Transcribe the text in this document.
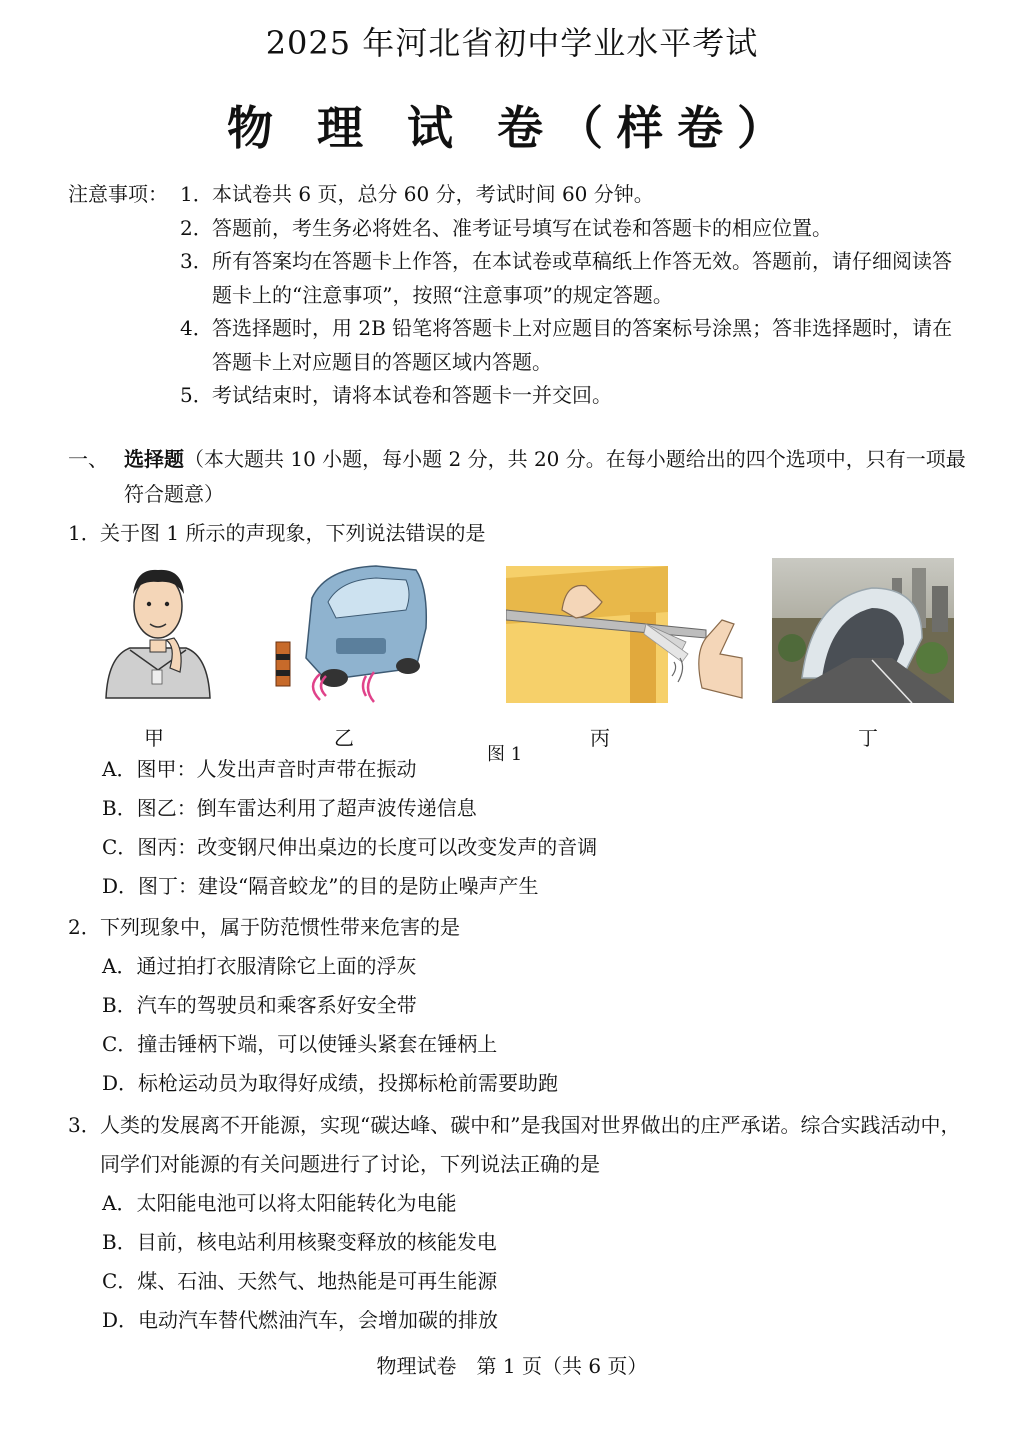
2025 年河北省初中学业水平考试
物 理 试 卷（样卷）
注意事项： 1． 本试卷共 6 页，总分 60 分，考试时间 60 分钟。
2． 答题前，考生务必将姓名、准考证号填写在试卷和答题卡的相应位置。
3． 所有答案均在答题卡上作答，在本试卷或草稿纸上作答无效。答题前，请仔细阅读答题卡上的“注意事项”，按照“注意事项”的规定答题。
4． 答选择题时，用 2B 铅笔将答题卡上对应题目的答案标号涂黑；答非选择题时，请在答题卡上对应题目的答题区域内答题。
5． 考试结束时，请将本试卷和答题卡一并交回。
一、 选择题（本大题共 10 小题，每小题 2 分，共 20 分。在每小题给出的四个选项中，只有一项最符合题意）
1． 关于图 1 所示的声现象，下列说法错误的是
甲	乙	丙	丁
图 1
A．图甲：人发出声音时声带在振动
B．图乙：倒车雷达利用了超声波传递信息
C．图丙：改变钢尺伸出桌边的长度可以改变发声的音调
D．图丁：建设“隔音蛟龙”的目的是防止噪声产生
2． 下列现象中，属于防范惯性带来危害的是
A．通过拍打衣服清除它上面的浮灰
B．汽车的驾驶员和乘客系好安全带
C．撞击锤柄下端，可以使锤头紧套在锤柄上
D．标枪运动员为取得好成绩，投掷标枪前需要助跑
3． 人类的发展离不开能源，实现“碳达峰、碳中和”是我国对世界做出的庄严承诺。综合实践活动中，同学们对能源的有关问题进行了讨论，下列说法正确的是
A．太阳能电池可以将太阳能转化为电能
B．目前，核电站利用核聚变释放的核能发电
C．煤、石油、天然气、地热能是可再生能源
D．电动汽车替代燃油汽车，会增加碳的排放
物理试卷　第 1 页（共 6 页）
